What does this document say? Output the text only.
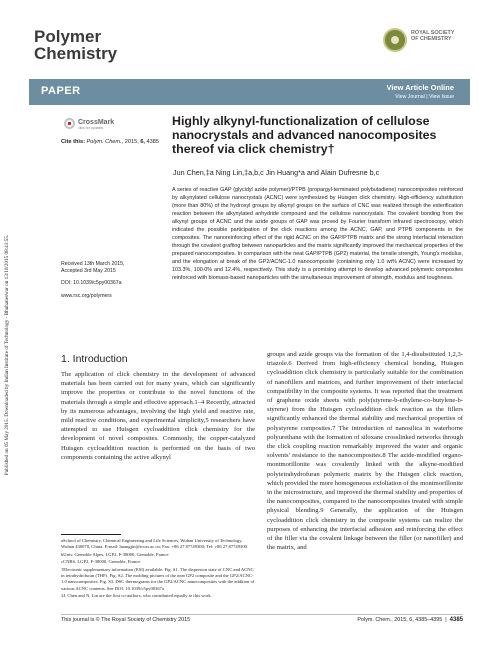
Published on 05 May 2015. Downloaded by Indian Institute of Technology - Bhubaneswar on 13/10/2015 08:41:55.
Polymer
Chemistry
ROYAL SOCIETY
OF CHEMISTRY
PAPER	View Article Online
View Journal | View Issue
CrossMark
click for updates
Cite this: Polym. Chem., 2015, 6, 4385
Highly alkynyl-functionalization of cellulose nanocrystals and advanced nanocomposites thereof via click chemistry†
Jun Chen,‡a Ning Lin,‡a,b,c Jin Huang*a and Alain Dufresne b,c
A series of reactive GAP (glycidyl azide polymer)/PTPB (propargyl-terminated polybutadiene) nanocomposites reinforced by alkynylated cellulose nanocrystals (ACNC) were synthesized by Huisgen click chemistry. High-efficiency substitution (more than 80%) of the hydroxyl groups by alkynyl groups on the surface of CNC was realized through the esterification reaction between the alkynylated anhydride compound and the cellulose nanocrystals. The covalent bonding from the alkynyl groups of ACNC and the azide groups of GAP was proved by Fourier transform infrared spectroscopy, which indicated the possible participation of the click reactions among the ACNC, GAP, and PTPB components in the composites. The nanoreinforcing effect of the rigid ACNC on the GAP/PTPB matrix and the strong interfacial interaction through the covalent grafting between nanoparticles and the matrix significantly improved the mechanical properties of the prepared nanocomposites. In comparison with the neat GAP/PTPB (GP2) material, the tensile strength, Young's modulus, and the elongation at break of the GP2/ACNC-1.0 nanocomposite (containing only 1.0 wt% ACNC) were increased by 103.3%, 100.0% and 12.4%, respectively. This study is a promising attempt to develop advanced polymeric composites reinforced with biomass-based nanoparticles with the simultaneous improvement of strength, modulus and toughness.
Received 13th March 2015,
Accepted 3rd May 2015
DOI: 10.1039/c5py00367a
www.rsc.org/polymers
1. Introduction
The application of click chemistry in the development of advanced materials has been carried out for many years, which can significantly improve the properties or contribute to the novel functions of the materials through a simple and effective approach.1–4 Recently, attracted by its numerous advantages, involving the high yield and reactive rate, mild reactive conditions, and experimental simplicity,5 researchers have attempted to use Huisgen cycloaddition click chemistry for the development of novel composites. Commonly, the copper-catalyzed Huisgen cycloaddition reaction is performed on the basis of two components containing the active alkynyl
groups and azide groups via the formation of the 1,4-disubstituted 1,2,3-triazole.6 Derived from high-efficiency chemical bonding, Huisgen cycloaddition click chemistry is particularly suitable for the combination of nanofillers and matrices, and further improvement of their interfacial compatibility in the composite systems. It was reported that the treatment of graphene oxide sheets with poly(styrene-b-ethylene-co-butylene-b-styrene) from the Huisgen cycloaddition click reaction as the fillers significantly enhanced the thermal stability and mechanical properties of polystyrene composites.7 The introduction of nanosilica in waterborne polyurethane with the formation of siloxane crosslinked networks through the click coupling reaction remarkably improved the water and organic solvents' resistance to the nanocomposites.8 The azide-modified organo-montmorillonite was covalently linked with the alkyne-modified polytetrahydrofuran polymeric matrix by the Huisgen click reaction, which provided the more homogeneous exfoliation of the montmorillonite in the microstructure, and improved the thermal stability and properties of the nanocomposites, compared to the nanocomposites treated with simple physical blending.9 Generally, the application of the Huisgen cycloaddition click chemistry in the composite systems can realize the purposes of enhancing the interfacial adhesion and reinforcing the effect of the filler via the covalent linkage between the filler (or nanofiller) and the matrix, and

aSchool of Chemistry, Chemical Engineering and Life Sciences, Wuhan University of Technology, Wuhan 430070, China. E-mail: huangjin@iccas.ac.cn; Fax: +86 27 87749300; Tel: +86 27 87749300

bUniv. Grenoble Alpes, LGP2, F-38000, Grenoble, France

cCNRS, LGP2, F-38000, Grenoble, France

†Electronic supplementary information (ESI) available: Fig. S1. The dispersion state of CNC and ACNC in tetrahydrofuran (THF). Fig. S2. The molding pictures of the neat GP2 composite and the GP2/ACNC-1.0 nanocomposites. Fig. S3. DSC thermograms for the GP2/ACNC nanocomposites with the addition of various ACNC contents. See DOI: 10.1039/c5py00367a

‡J. Chen and N. Lin are the first co-authors, who contributed equally to this work.

This journal is © The Royal Society of Chemistry 2015	Polym. Chem., 2015, 6, 4385–4395  |  4385
